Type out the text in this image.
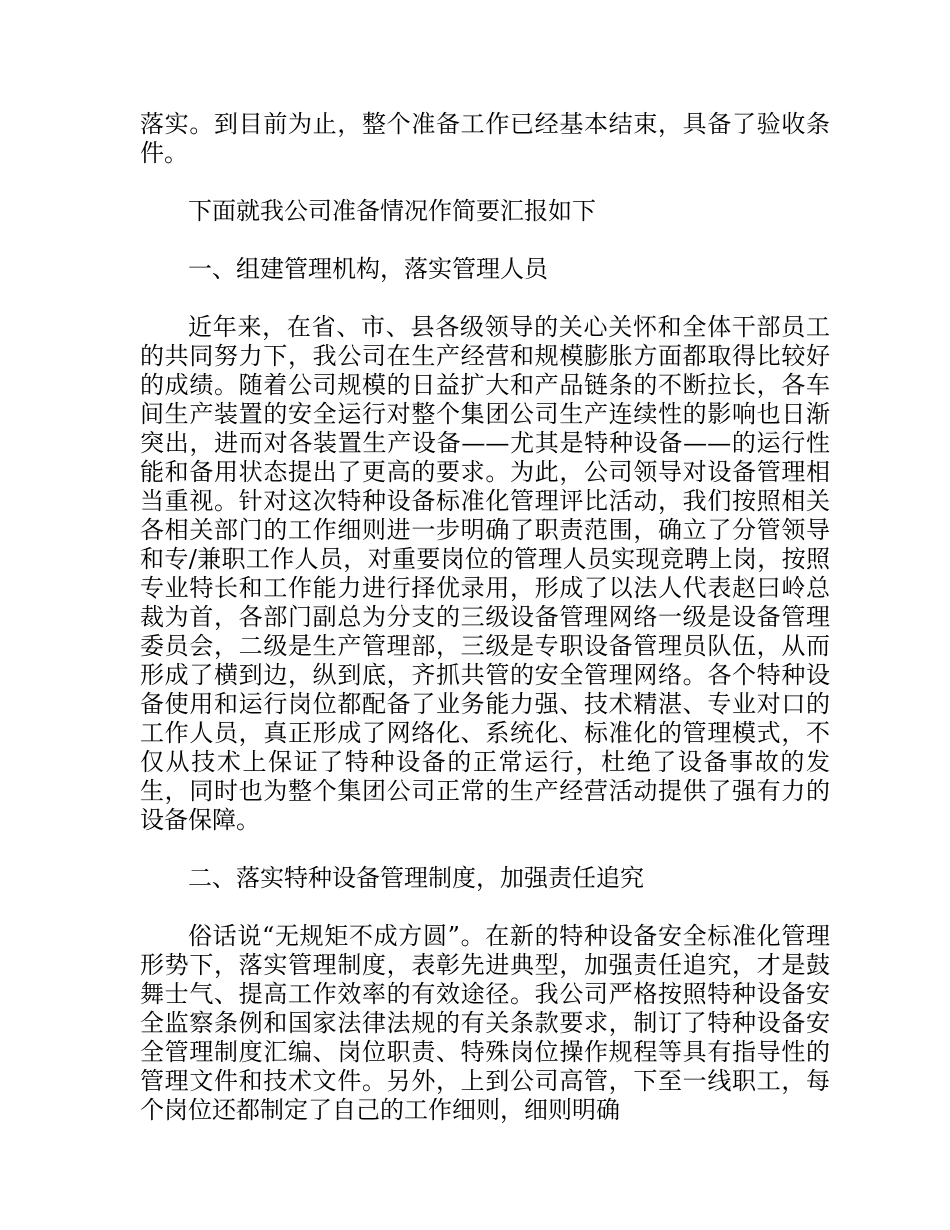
落实。到目前为止，整个准备工作已经基本结束，具备了验收条件。

下面就我公司准备情况作简要汇报如下

一、组建管理机构，落实管理人员

近年来，在省、市、县各级领导的关心关怀和全体干部员工的共同努力下，我公司在生产经营和规模膨胀方面都取得比较好的成绩。随着公司规模的日益扩大和产品链条的不断拉长，各车间生产装置的安全运行对整个集团公司生产连续性的影响也日渐突出，进而对各装置生产设备——尤其是特种设备——的运行性能和备用状态提出了更高的要求。为此，公司领导对设备管理相当重视。针对这次特种设备标准化管理评比活动，我们按照相关各相关部门的工作细则进一步明确了职责范围，确立了分管领导和专/兼职工作人员，对重要岗位的管理人员实现竞聘上岗，按照专业特长和工作能力进行择优录用，形成了以法人代表赵曰岭总裁为首，各部门副总为分支的三级设备管理网络一级是设备管理委员会，二级是生产管理部，三级是专职设备管理员队伍，从而形成了横到边，纵到底，齐抓共管的安全管理网络。各个特种设备使用和运行岗位都配备了业务能力强、技术精湛、专业对口的工作人员，真正形成了网络化、系统化、标准化的管理模式，不仅从技术上保证了特种设备的正常运行，杜绝了设备事故的发生，同时也为整个集团公司正常的生产经营活动提供了强有力的设备保障。

二、落实特种设备管理制度，加强责任追究

俗话说“无规矩不成方圆”。在新的特种设备安全标准化管理形势下，落实管理制度，表彰先进典型，加强责任追究，才是鼓舞士气、提高工作效率的有效途径。我公司严格按照特种设备安全监察条例和国家法律法规的有关条款要求，制订了特种设备安全管理制度汇编、岗位职责、特殊岗位操作规程等具有指导性的管理文件和技术文件。另外，上到公司高管，下至一线职工，每个岗位还都制定了自己的工作细则，细则明确
